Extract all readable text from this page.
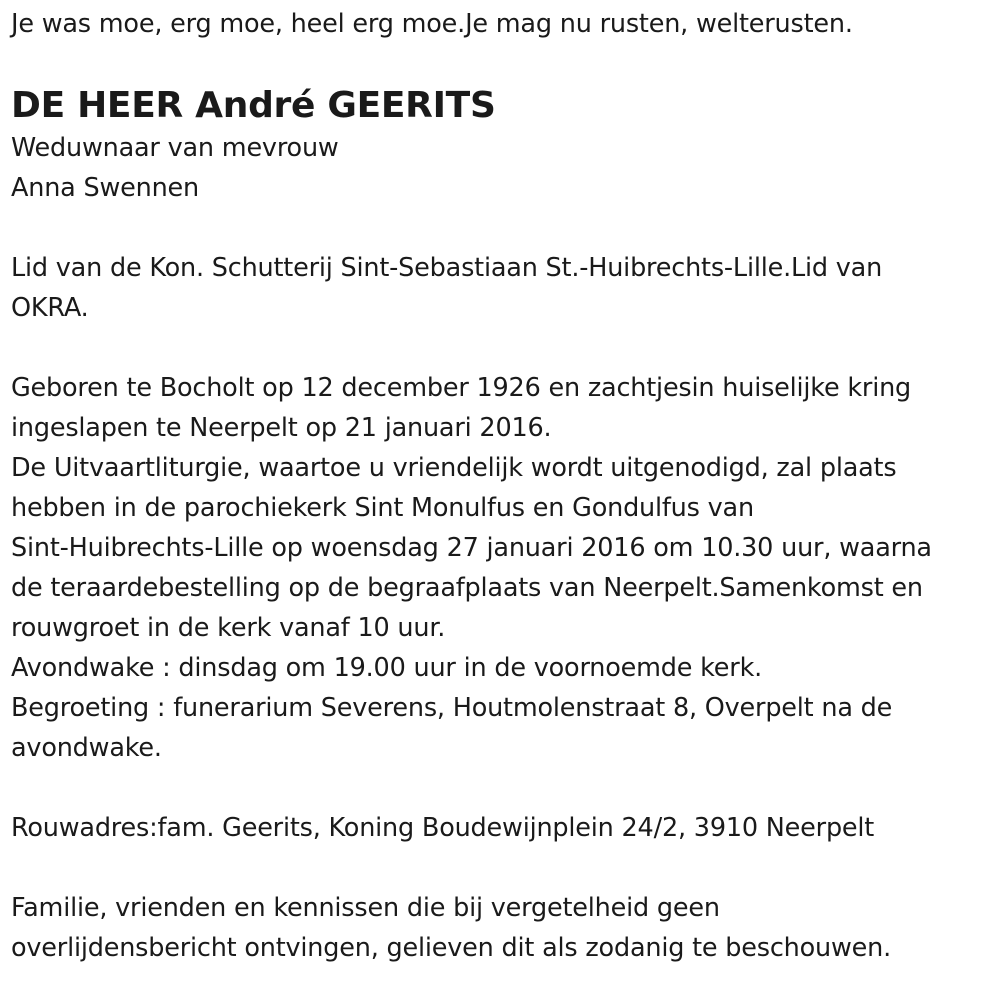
Je was moe, erg moe, heel erg moe.Je mag nu rusten, welterusten.
DE HEER André GEERITS
Weduwnaar van mevrouw
Anna Swennen
Lid van de Kon. Schutterij Sint-Sebastiaan St.-Huibrechts-Lille.Lid van
OKRA.
Geboren te Bocholt op 12 december 1926 en zachtjesin huiselijke kring
ingeslapen te Neerpelt op 21 januari 2016.
De Uitvaartliturgie, waartoe u vriendelijk wordt uitgenodigd, zal plaats
hebben in de parochiekerk Sint Monulfus en Gondulfus van
Sint-Huibrechts-Lille op woensdag 27 januari 2016 om 10.30 uur, waarna
de teraardebestelling op de begraafplaats van Neerpelt.Samenkomst en
rouwgroet in de kerk vanaf 10 uur.
Avondwake : dinsdag om 19.00 uur in de voornoemde kerk.
Begroeting : funerarium Severens, Houtmolenstraat 8, Overpelt na de
avondwake.
Rouwadres:fam. Geerits, Koning Boudewijnplein 24/2, 3910 Neerpelt
Familie, vrienden en kennissen die bij vergetelheid geen
overlijdensbericht ontvingen, gelieven dit als zodanig te beschouwen.
